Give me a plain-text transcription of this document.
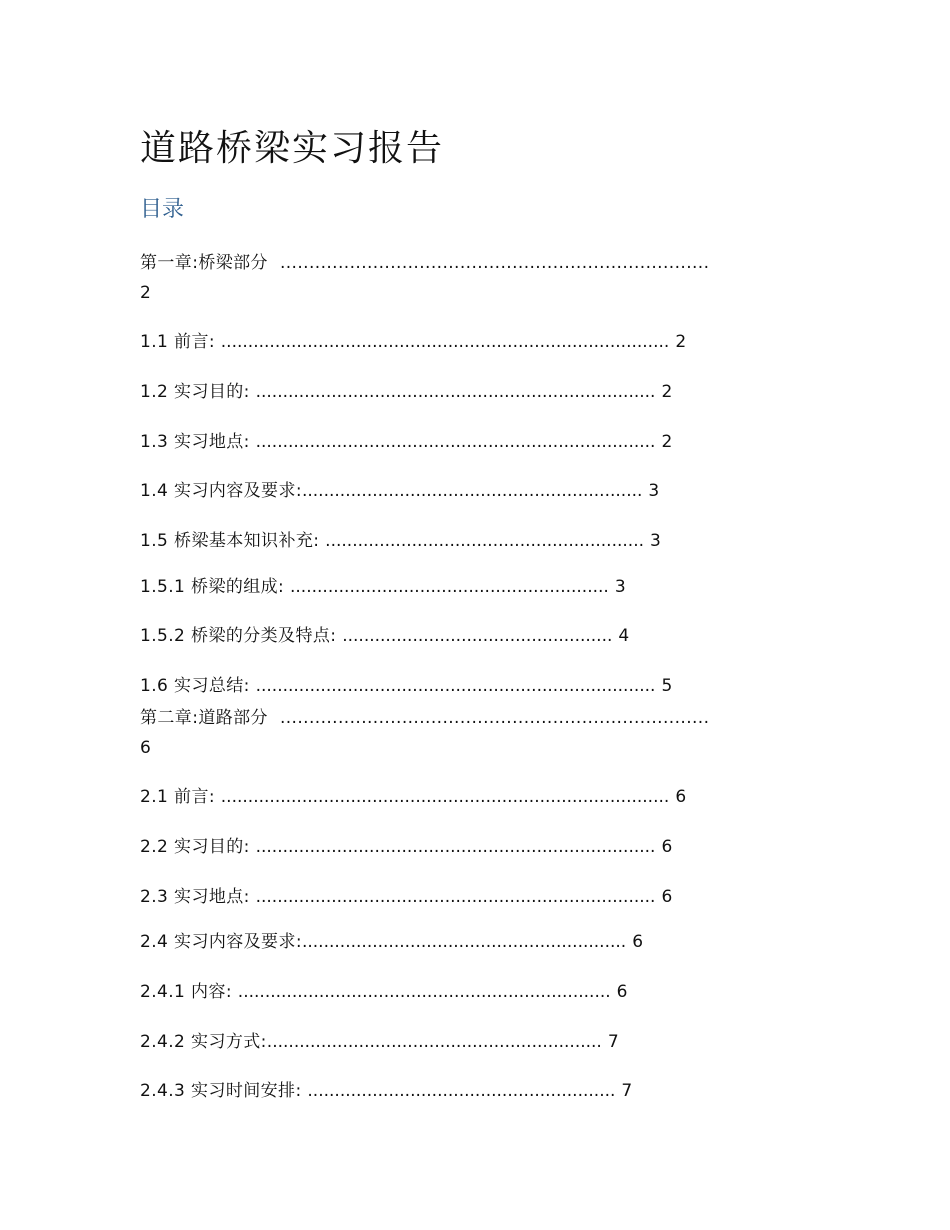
道路桥梁实习报告
目录
第一章:桥梁部分 ..........................................................................
2
1.1 前言: ................................................................................... 2
1.2 实习目的: .......................................................................... 2
1.3 实习地点: .......................................................................... 2
1.4 实习内容及要求:............................................................... 3
1.5 桥梁基本知识补充: ........................................................... 3
1.5.1 桥梁的组成: ........................................................... 3
1.5.2 桥梁的分类及特点: .................................................. 4
1.6 实习总结: .......................................................................... 5
第二章:道路部分 ..........................................................................
6
2.1 前言: ................................................................................... 6
2.2 实习目的: .......................................................................... 6
2.3 实习地点: .......................................................................... 6
2.4 实习内容及要求:............................................................ 6
2.4.1 内容: ..................................................................... 6
2.4.2 实习方式:.............................................................. 7
2.4.3 实习时间安排: ......................................................... 7
